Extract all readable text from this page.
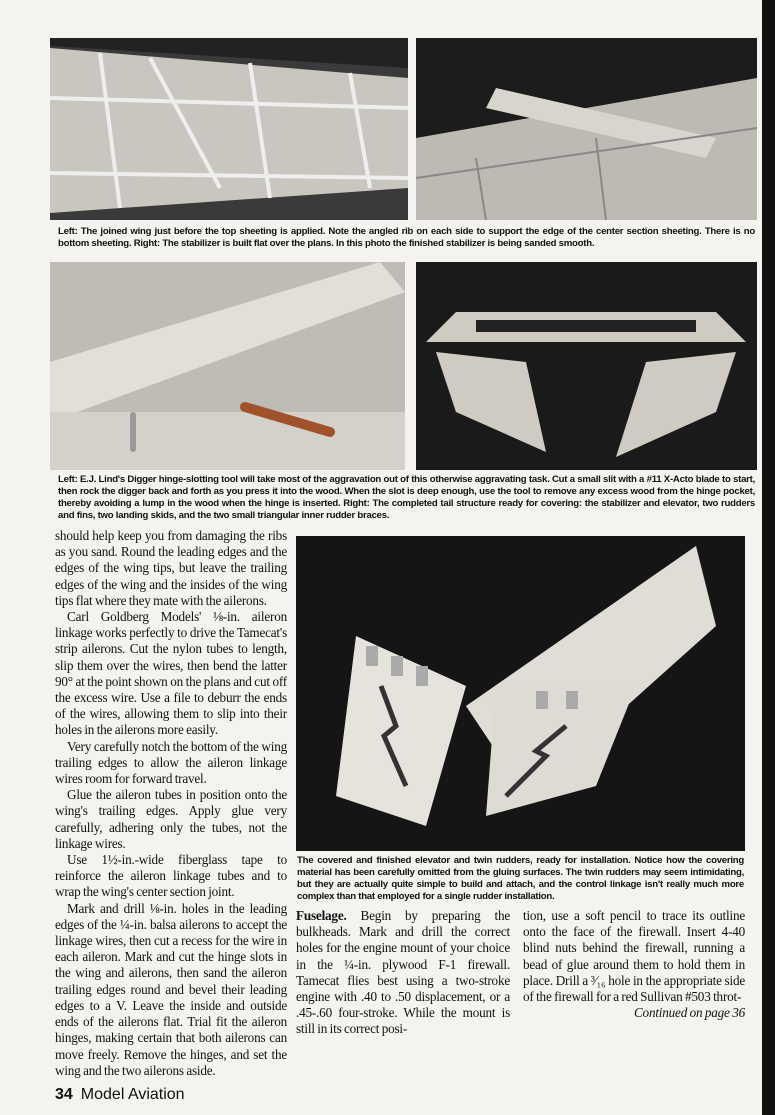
Left: The joined wing just before the top sheeting is applied. Note the angled rib on each side to support the edge of the center section sheeting. There is no bottom sheeting. Right: The stabilizer is built flat over the plans. In this photo the finished stabilizer is being sanded smooth.
Left: E.J. Lind's Digger hinge-slotting tool will take most of the aggravation out of this otherwise aggravating task. Cut a small slit with a #11 X-Acto blade to start, then rock the digger back and forth as you press it into the wood. When the slot is deep enough, use the tool to remove any excess wood from the hinge pocket, thereby avoiding a lump in the wood when the hinge is inserted. Right: The completed tail structure ready for covering: the stabilizer and elevator, two rudders and fins, two landing skids, and the two small triangular inner rudder braces.

should help keep you from damaging the ribs as you sand. Round the leading edges and the edges of the wing tips, but leave the trailing edges of the wing and the insides of the wing tips flat where they mate with the ailerons.

Carl Goldberg Models' ⅛-in. aileron linkage works perfectly to drive the Tamecat's strip ailerons. Cut the nylon tubes to length, slip them over the wires, then bend the latter 90° at the point shown on the plans and cut off the excess wire. Use a file to deburr the ends of the wires, allowing them to slip into their holes in the ailerons more easily.

Very carefully notch the bottom of the wing trailing edges to allow the aileron linkage wires room for forward travel.

Glue the aileron tubes in position onto the wing's trailing edges. Apply glue very carefully, adhering only the tubes, not the linkage wires.

Use 1½-in.-wide fiberglass tape to reinforce the aileron linkage tubes and to wrap the wing's center section joint.

Mark and drill ⅛-in. holes in the leading edges of the ¼-in. balsa ailerons to accept the linkage wires, then cut a recess for the wire in each aileron. Mark and cut the hinge slots in the wing and ailerons, then sand the aileron trailing edges round and bevel their leading edges to a V. Leave the inside and outside ends of the ailerons flat. Trial fit the aileron hinges, making certain that both ailerons can move freely. Remove the hinges, and set the wing and the two ailerons aside.

34 Model Aviation
The covered and finished elevator and twin rudders, ready for installation. Notice how the covering material has been carefully omitted from the gluing surfaces. The twin rudders may seem intimidating, but they are actually quite simple to build and attach, and the control linkage isn't really much more complex than that employed for a single rudder installation.

Fuselage. Begin by preparing the bulkheads. Mark and drill the correct holes for the engine mount of your choice in the ¼-in. plywood F-1 firewall. Tamecat flies best using a two-stroke engine with .40 to .50 displacement, or a .45-.60 four-stroke. While the mount is still in its correct posi-

tion, use a soft pencil to trace its outline onto the face of the firewall. Insert 4-40 blind nuts behind the firewall, running a bead of glue around them to hold them in place. Drill a ³⁄₁₆ hole in the appropriate side of the firewall for a red Sullivan #503 throt-

Continued on page 36
